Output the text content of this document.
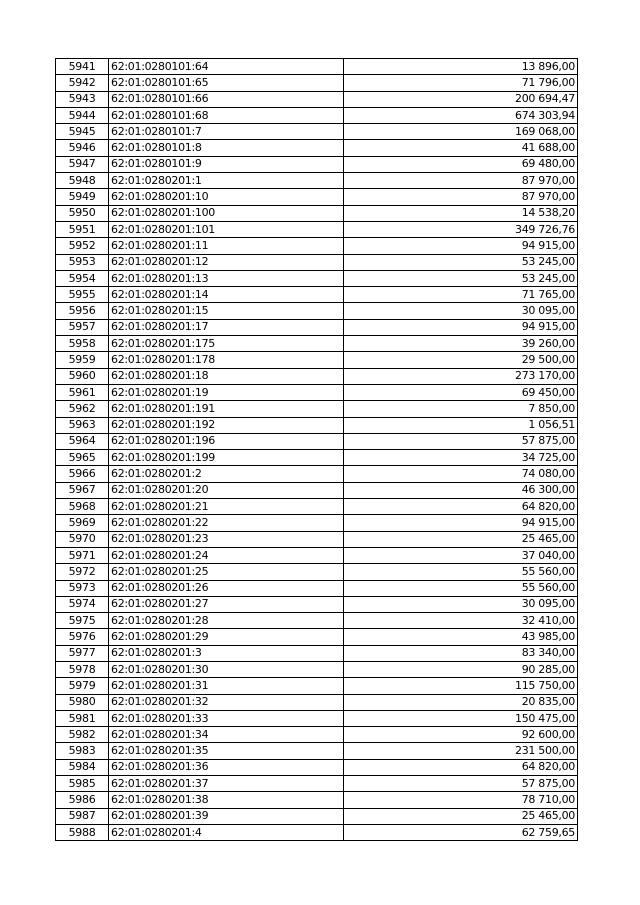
5941	62:01:0280101:64	13 896,00
5942	62:01:0280101:65	71 796,00
5943	62:01:0280101:66	200 694,47
5944	62:01:0280101:68	674 303,94
5945	62:01:0280101:7	169 068,00
5946	62:01:0280101:8	41 688,00
5947	62:01:0280101:9	69 480,00
5948	62:01:0280201:1	87 970,00
5949	62:01:0280201:10	87 970,00
5950	62:01:0280201:100	14 538,20
5951	62:01:0280201:101	349 726,76
5952	62:01:0280201:11	94 915,00
5953	62:01:0280201:12	53 245,00
5954	62:01:0280201:13	53 245,00
5955	62:01:0280201:14	71 765,00
5956	62:01:0280201:15	30 095,00
5957	62:01:0280201:17	94 915,00
5958	62:01:0280201:175	39 260,00
5959	62:01:0280201:178	29 500,00
5960	62:01:0280201:18	273 170,00
5961	62:01:0280201:19	69 450,00
5962	62:01:0280201:191	7 850,00
5963	62:01:0280201:192	1 056,51
5964	62:01:0280201:196	57 875,00
5965	62:01:0280201:199	34 725,00
5966	62:01:0280201:2	74 080,00
5967	62:01:0280201:20	46 300,00
5968	62:01:0280201:21	64 820,00
5969	62:01:0280201:22	94 915,00
5970	62:01:0280201:23	25 465,00
5971	62:01:0280201:24	37 040,00
5972	62:01:0280201:25	55 560,00
5973	62:01:0280201:26	55 560,00
5974	62:01:0280201:27	30 095,00
5975	62:01:0280201:28	32 410,00
5976	62:01:0280201:29	43 985,00
5977	62:01:0280201:3	83 340,00
5978	62:01:0280201:30	90 285,00
5979	62:01:0280201:31	115 750,00
5980	62:01:0280201:32	20 835,00
5981	62:01:0280201:33	150 475,00
5982	62:01:0280201:34	92 600,00
5983	62:01:0280201:35	231 500,00
5984	62:01:0280201:36	64 820,00
5985	62:01:0280201:37	57 875,00
5986	62:01:0280201:38	78 710,00
5987	62:01:0280201:39	25 465,00
5988	62:01:0280201:4	62 759,65
